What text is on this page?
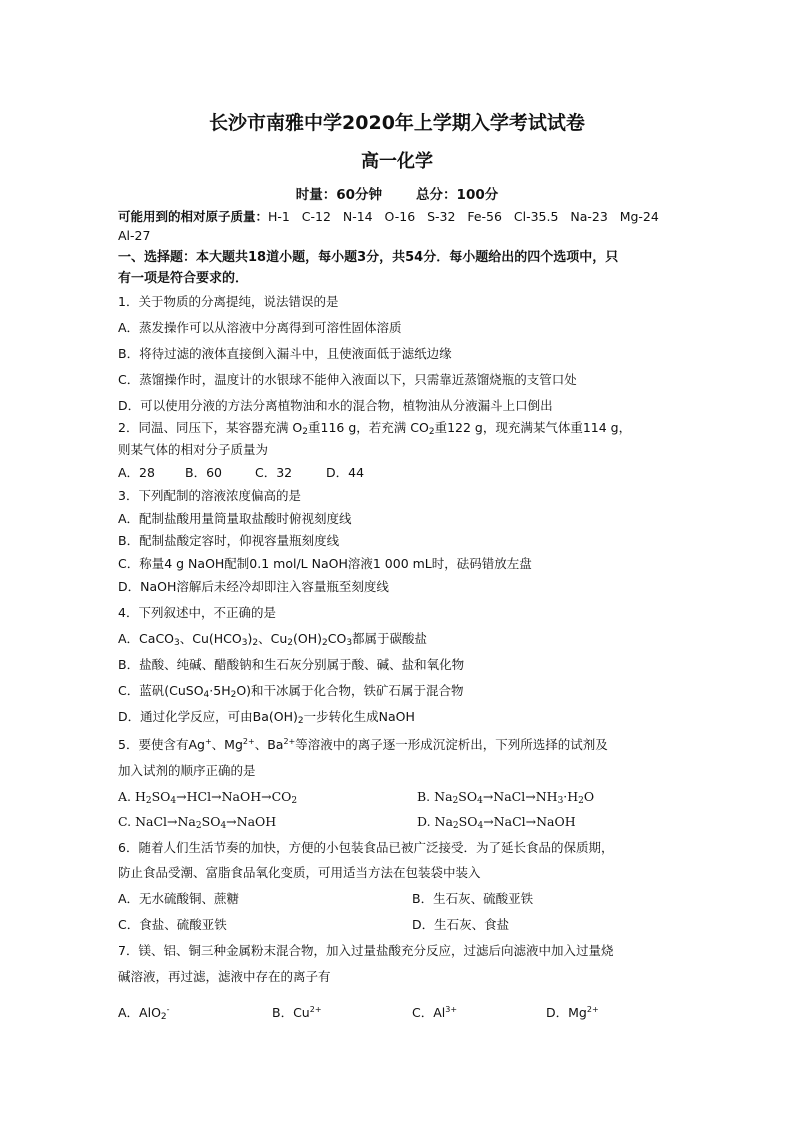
长沙市南雅中学2020年上学期入学考试试卷
高一化学
时量：60分钟	总分：100分
可能用到的相对原子质量：H-1   C-12   N-14   O-16   S-32   Fe-56   Cl-35.5   Na-23   Mg-24
Al-27
一、选择题：本大题共18道小题，每小题3分，共54分．每小题给出的四个选项中，只
有一项是符合要求的．
1．关于物质的分离提纯，说法错误的是
A．蒸发操作可以从溶液中分离得到可溶性固体溶质
B．将待过滤的液体直接倒入漏斗中，且使液面低于滤纸边缘
C．蒸馏操作时，温度计的水银球不能伸入液面以下，只需靠近蒸馏烧瓶的支管口处
D．可以使用分液的方法分离植物油和水的混合物，植物油从分液漏斗上口倒出
2．同温、同压下，某容器充满 $O_2$重116 g，若充满 $CO_2$重122 g，现充满某气体重114 g，
则某气体的相对分子质量为
A．28 B．60	C．32	D．44
3．下列配制的溶液浓度偏高的是
A．配制盐酸用量筒量取盐酸时俯视刻度线
B．配制盐酸定容时，仰视容量瓶刻度线
C．称量4 g NaOH配制0.1 mol/L NaOH溶液1 000 mL时，砝码错放左盘
D．NaOH溶解后未经冷却即注入容量瓶至刻度线
4．下列叙述中，不正确的是
A．CaCO$_3$、$Cu(HCO_3)_2$、$Cu_2(OH)_2CO_3$都属于碳酸盐
B．盐酸、纯碱、醋酸钠和生石灰分别属于酸、碱、盐和氧化物
C．蓝矾$(CuSO_4\cdot 5H_2O)$和干冰属于化合物，铁矿石属于混合物
D．通过化学反应，可由$Ba(OH)_2$一步转化生成NaOH
5．要使含有Ag+、$Mg^{2+}$、$Ba^{2+}$等溶液中的离子逐一形成沉淀析出，下列所选择的试剂及
加入试剂的顺序正确的是
A. $H_2SO_4\to HCl\to NaOH\to CO_2$	B. $Na_2SO_4\to NaCl\to NH_3\cdot H_2O$
C. $NaCl\to Na_2SO_4\to NaOH$	D. $Na_2SO_4\to NaCl\to NaOH$
6．随着人们生活节奏的加快，方便的小包装食品已被广泛接受．为了延长食品的保质期，
防止食品受潮、富脂食品氧化变质，可用适当方法在包装袋中装入
A．无水硫酸铜、蔗糖	B．生石灰、硫酸亚铁
C．食盐、硫酸亚铁	D．生石灰、食盐
7．镁、铝、铜三种金属粉末混合物，加入过量盐酸充分反应，过滤后向滤液中加入过量烧
碱溶液，再过滤，滤液中存在的离子有
A．AlO$_2$-	B．$Cu^{2+}$	C．$Al^{3+}$	D．$Mg^{2+}$
